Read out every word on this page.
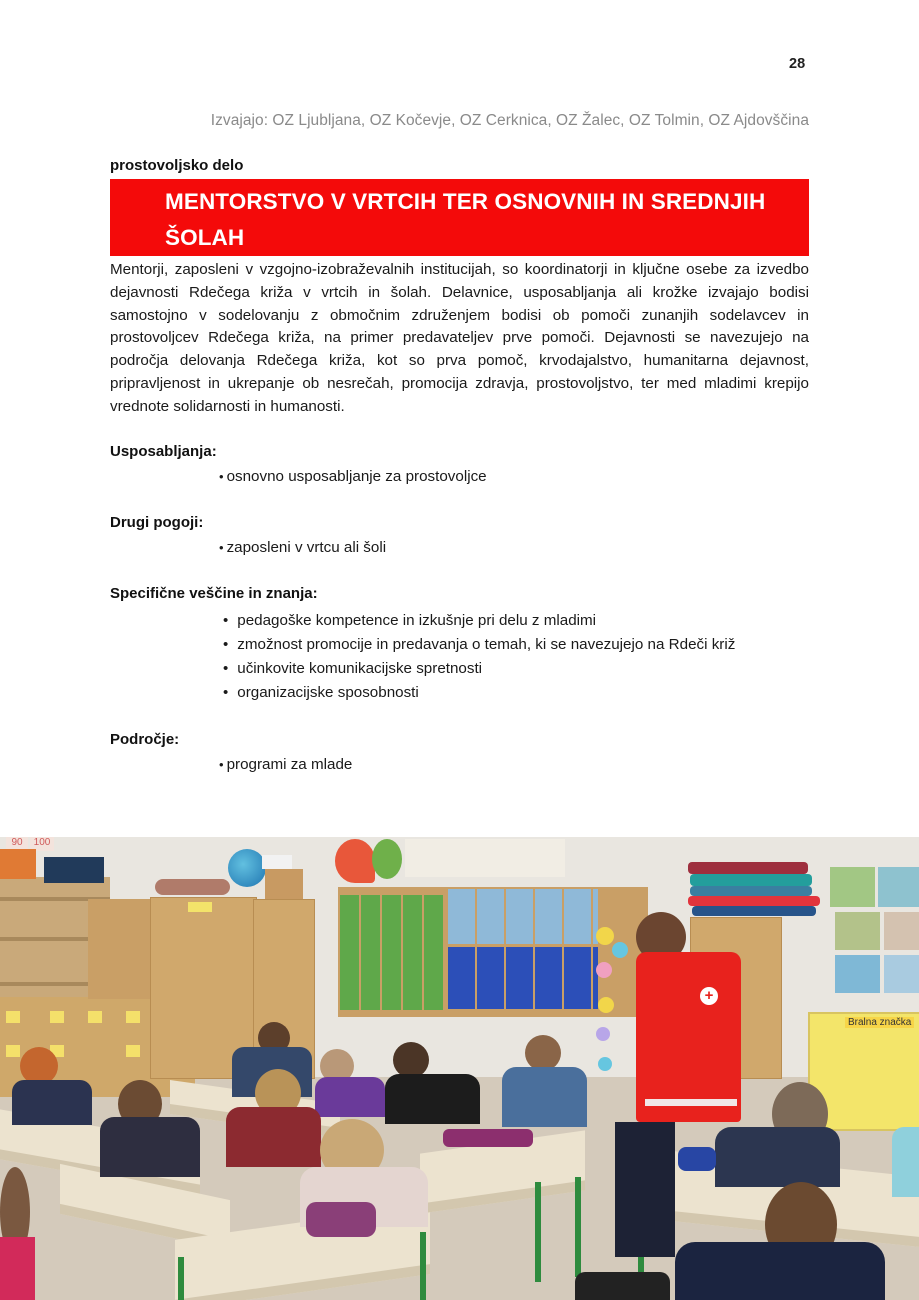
28
Izvajajo: OZ Ljubljana, OZ Kočevje, OZ Cerknica, OZ Žalec, OZ Tolmin, OZ Ajdovščina
prostovoljsko delo
MENTORSTVO V VRTCIH TER OSNOVNIH IN SREDNJIH
ŠOLAH

Mentorji, zaposleni v vzgojno-izobraževalnih institucijah, so koordinatorji in ključne osebe za izvedbo dejavnosti Rdečega križa v vrtcih in šolah. Delavnice, usposabljanja ali krožke izvajajo bodisi samostojno v sodelovanju z območnim združenjem bodisi ob pomoči zunanjih sodelavcev in prostovoljcev Rdečega križa, na primer predavateljev prve pomoči. Dejavnosti se navezujejo na področja delovanja Rdečega križa, kot so prva pomoč, krvodajalstvo, humanitarna dejavnost, pripravljenost in ukrepanje ob nesrečah, promocija zdravja, prostovoljstvo, ter med mladimi krepijo vrednote solidarnosti in humanosti.

Usposabljanja:
• osnovno usposabljanje za prostovoljce
Drugi pogoji:
• zaposleni v vrtcu ali šoli
Specifične veščine in znanja:
• pedagoške kompetence in izkušnje pri delu z mladimi
• zmožnost promocije in predavanja o temah, ki se navezujejo na Rdeči križ
• učinkovite komunikacijske spretnosti
• organizacijske sposobnosti
Področje:
• programi za mlade
90	100
Bralna značka
+
